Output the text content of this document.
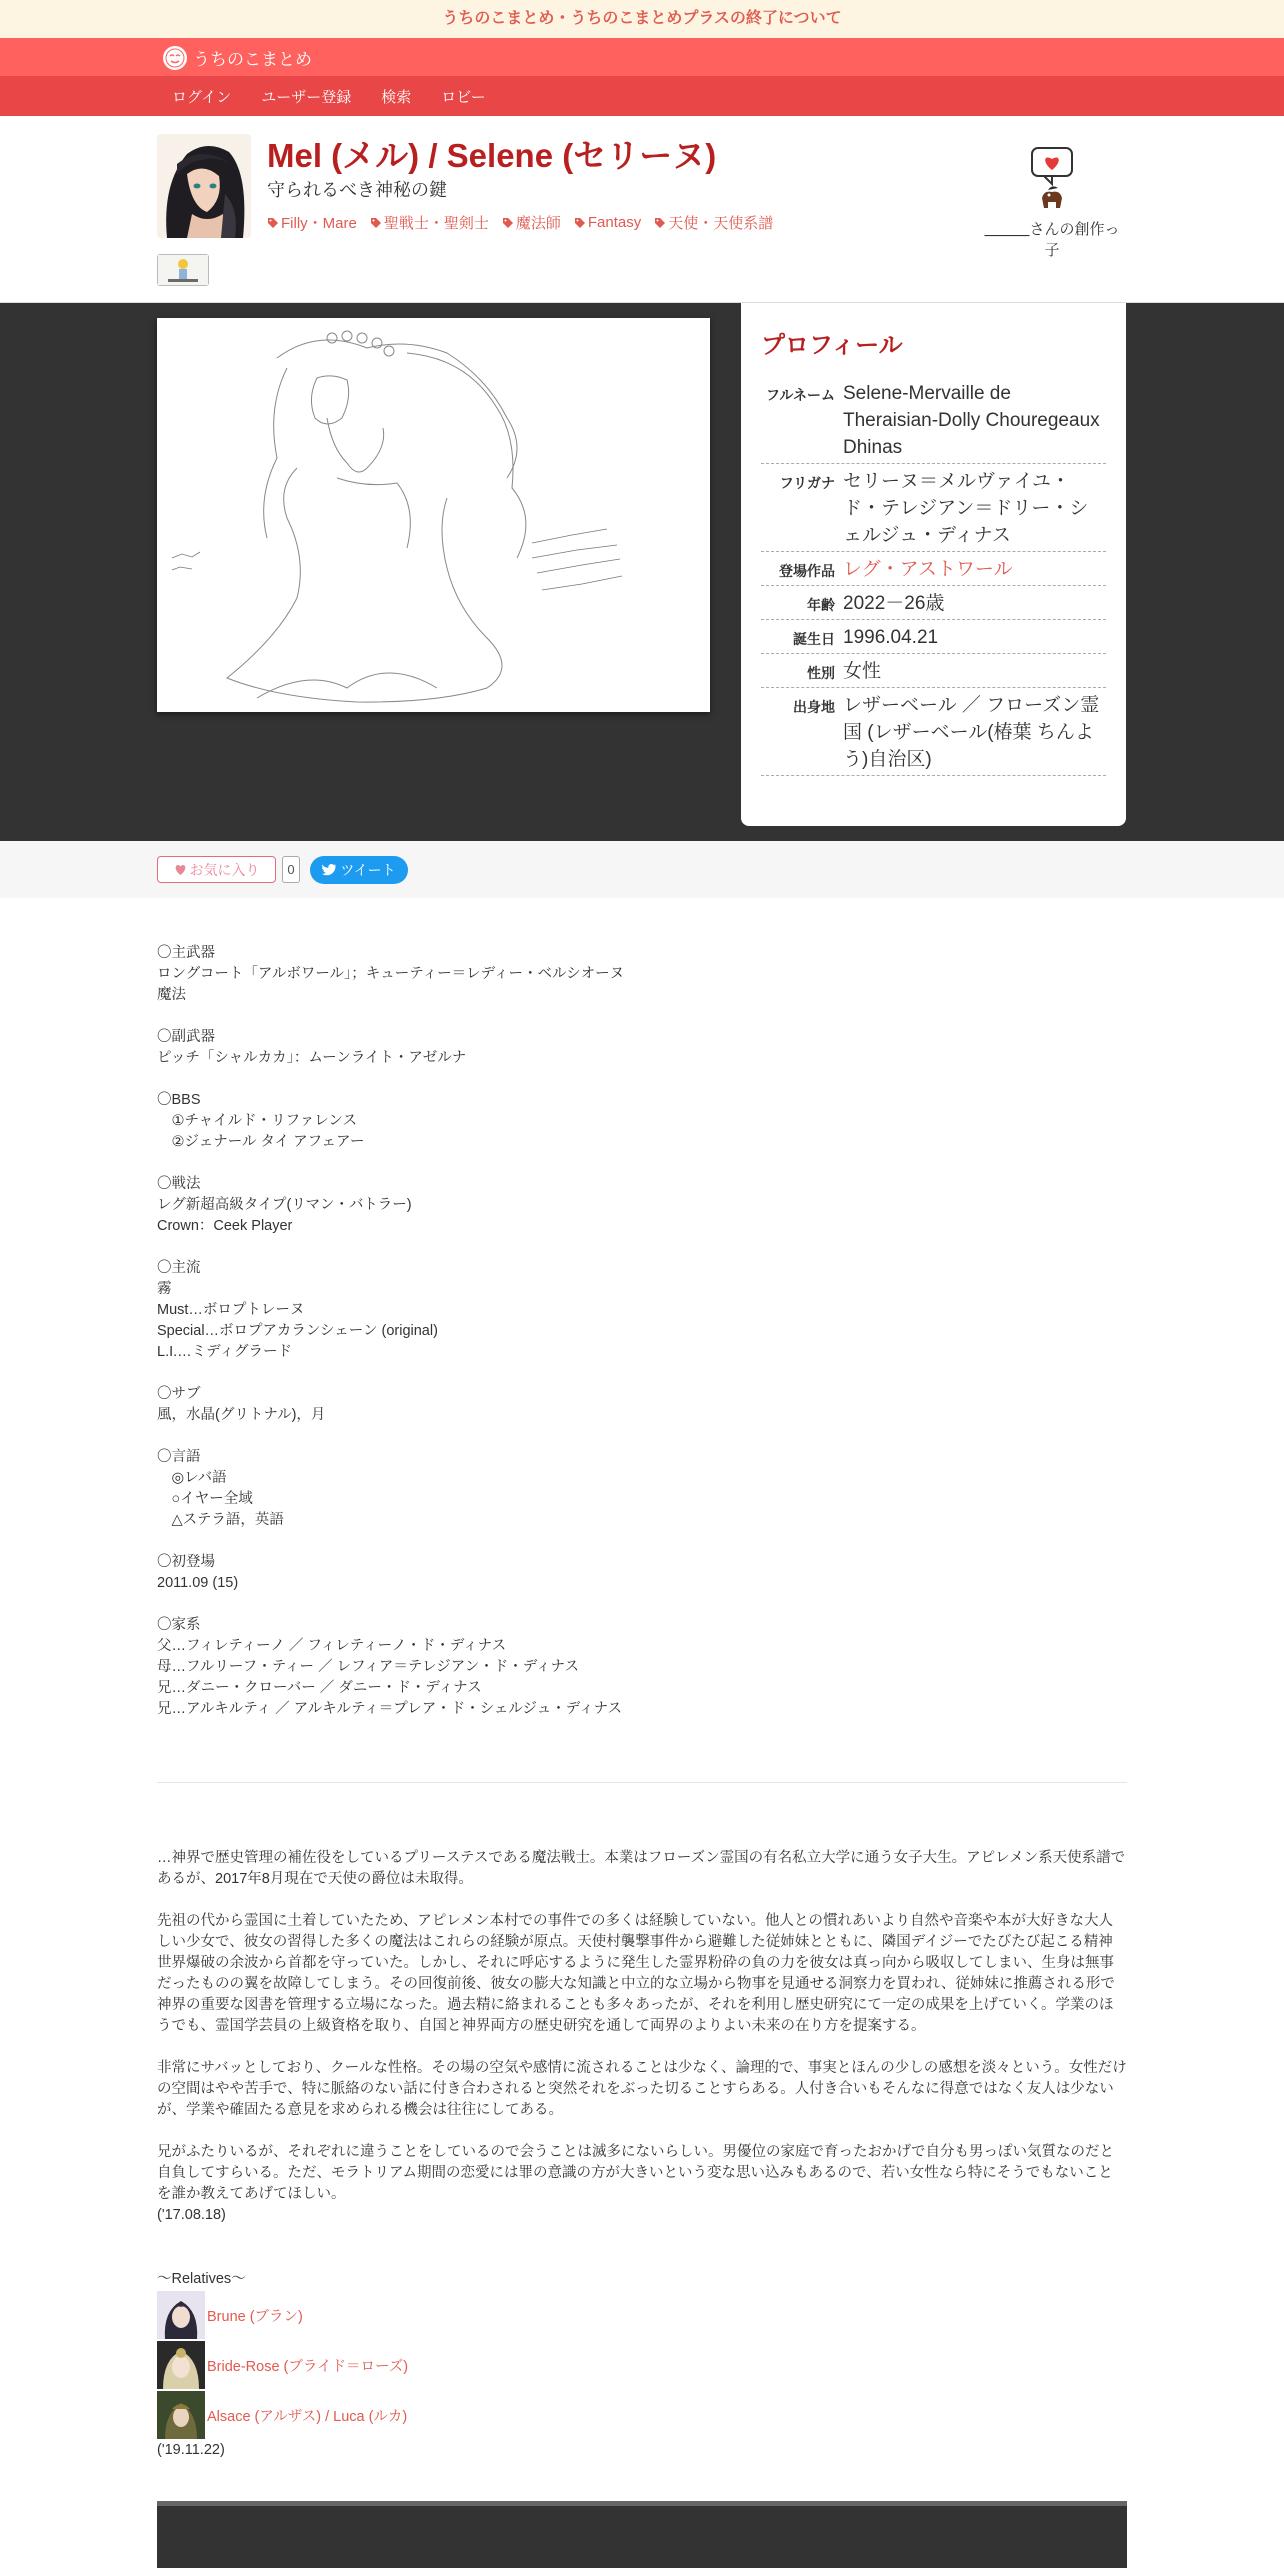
うちのこまとめ・うちのこまとめプラスの終了について
うちのこまとめ
ログイン	ユーザー登録	検索	ロビー
Mel (メル) / Selene (セリーヌ)
守られるべき神秘の鍵
Filly・Mare 聖戦士・聖剣士 魔法師 Fantasy 天使・天使系譜	＿＿＿さんの創作っ子
プロフィール
フルネーム Selene-Mervaille de Theraisian-Dolly Chouregeaux Dhinas
フリガナ セリーヌ＝メルヴァイユ・ド・テレジアン＝ドリー・シェルジュ・ディナス
登場作品 レグ・アストワール
年齢 2022－26歳
誕生日 1996.04.21
性別 女性
出身地 レザーベール ／ フローズン霊国 (レザーベール(椿葉 ちんよう)自治区)
お気に入り	0	ツイート
〇主武器
ロングコート「アルボワール」；キューティー＝レディー・ベルシオーヌ
魔法

〇副武器
ピッチ「シャルカカ」：ムーンライト・アゼルナ

〇BBS
　①チャイルド・リファレンス
　②ジェナール タイ アフェアー

〇戦法
レグ新超高級タイプ(リマン・バトラー)
Crown：Ceek Player

〇主流
霧
Must…ボロプトレーヌ
Special…ボロプアカランシェーン (original)
L.I.…ミディグラード

〇サブ
風，水晶(グリトナル)，月

〇言語
　◎レバ語
　○イヤー全域
　△ステラ語，英語

〇初登場
2011.09 (15)

〇家系
父…フィレティーノ ／ フィレティーノ・ド・ディナス
母…フルリーフ・ティー ／ レフィア＝テレジアン・ド・ディナス
兄…ダニー・クローバー ／ ダニー・ド・ディナス
兄…アルキルティ ／ アルキルティ＝プレア・ド・シェルジュ・ディナス

…神界で歴史管理の補佐役をしているプリーステスである魔法戦士。本業はフローズン霊国の有名私立大学に通う女子大生。アピレメン系天使系譜であるが、2017年8月現在で天使の爵位は未取得。

先祖の代から霊国に土着していたため、アピレメン本村での事件での多くは経験していない。他人との慣れあいより自然や音楽や本が大好きな大人しい少女で、彼女の習得した多くの魔法はこれらの経験が原点。天使村襲撃事件から避難した従姉妹とともに、隣国デイジーでたびたび起こる精神世界爆破の余波から首都を守っていた。しかし、それに呼応するように発生した霊界粉砕の負の力を彼女は真っ向から吸収してしまい、生身は無事だったものの翼を故障してしまう。その回復前後、彼女の膨大な知識と中立的な立場から物事を見通せる洞察力を買われ、従姉妹に推薦される形で神界の重要な図書を管理する立場になった。過去精に絡まれることも多々あったが、それを利用し歴史研究にて一定の成果を上げていく。学業のほうでも、霊国学芸員の上級資格を取り、自国と神界両方の歴史研究を通して両界のよりよい未来の在り方を提案する。

非常にサバッとしており、クールな性格。その場の空気や感情に流されることは少なく、論理的で、事実とほんの少しの感想を淡々という。女性だけの空間はやや苦手で、特に脈絡のない話に付き合わされると突然それをぶった切ることすらある。人付き合いもそんなに得意ではなく友人は少ないが、学業や確固たる意見を求められる機会は往往にしてある。

兄がふたりいるが、それぞれに違うことをしているので会うことは滅多にないらしい。男優位の家庭で育ったおかげで自分も男っぽい気質なのだと自負してすらいる。ただ、モラトリアム期間の恋愛には罪の意識の方が大きいという変な思い込みもあるので、若い女性なら特にそうでもないことを誰か教えてあげてほしい。

('17.08.18)

～Relatives～
Brune (ブラン)
Bride-Rose (ブライド＝ローズ)
Alsace (アルザス) / Luca (ルカ)
('19.11.22)
